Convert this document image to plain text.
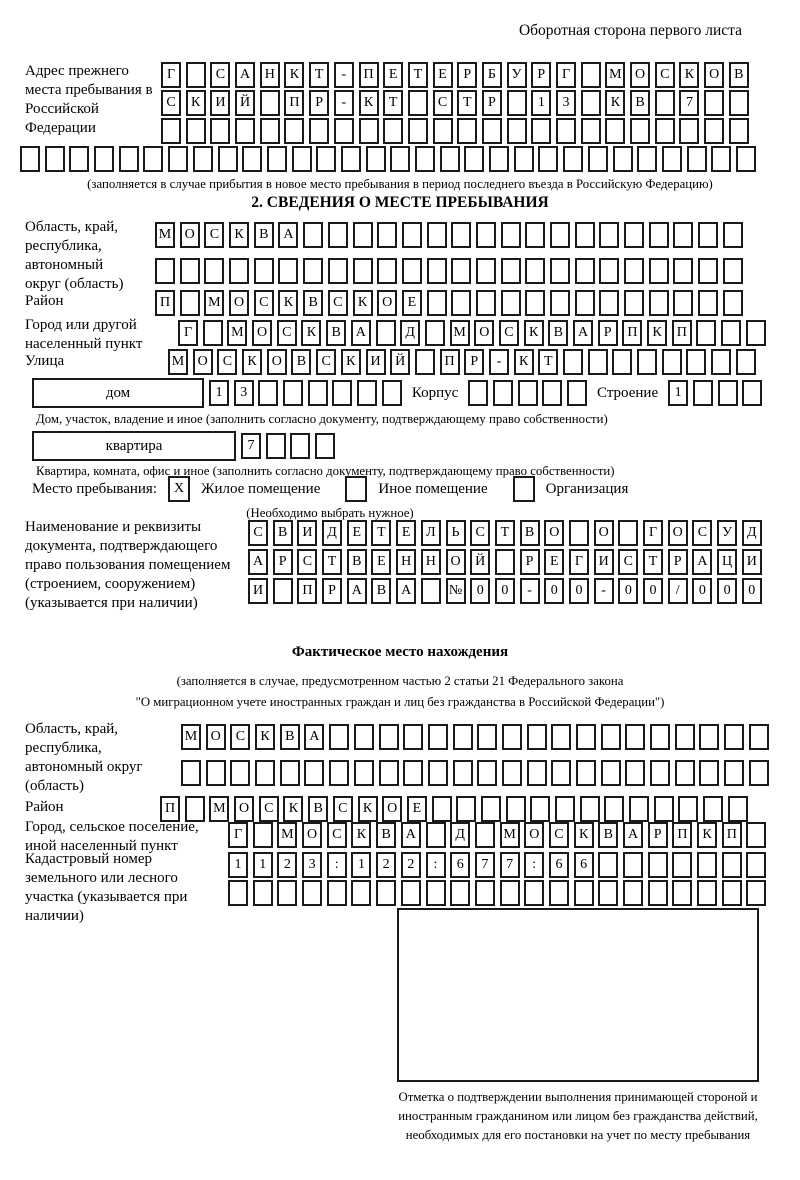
Оборотная сторона первого листа
Адрес прежнего места пребывания в Российской Федерации
Г	С	А	Н	К	Т	-	П	Е	Т	Е	Р	Б	У	Р	Г	М О	С	К	О	В
С	К	И	Й	П	Р	-	К	Т	С	Т	Р	1	3	К	В	7
(заполняется в случае прибытия в новое место пребывания в период последнего въезда в Российскую Федерацию)
2. СВЕДЕНИЯ О МЕСТЕ ПРЕБЫВАНИЯ
Область, край, республика, автономный округ (область)
М О	С	К	В	А
Район	П	М О	С	К	В	С	К	О	Е
Город или другой населенный пункт
Г	М О	С	К	В	А	Д	М О	С	К	В	А	Р	П	К	П
Улица	М О	С	К	О	В	С	К	И	Й	П	Р	-	К	Т
дом	1	3	Корпус	Строение	1
Дом, участок, владение и иное (заполнить согласно документу, подтверждающему право собственности)
квартира	7
Квартира, комната, офис и иное (заполнить согласно документу, подтверждающему право собственности)
Место пребывания:	X	Жилое помещение	Иное помещение	Организация
(Необходимо выбрать нужное)
Наименование и реквизиты документа, подтверждающего право пользования помещением (строением, сооружением) (указывается при наличии)
С	В	И	Д	Е	Т	Е	Л	Ь	С	Т	В	О	О	Г	О	С	У	Д
А	Р	С	Т	В	Е	Н	Н	О	Й	Р	Е	Г	И	С	Т	Р	А	Ц	И
И	П	Р	А	В	А	№	0	0	-	0	0	-	0	0	/	0	0	0
Фактическое место нахождения
(заполняется в случае, предусмотренном частью 2 статьи 21 Федерального закона
"О миграционном учете иностранных граждан и лиц без гражданства в Российской Федерации")
Область, край, республика, автономный округ (область)
М О	С	К	В	А
Район	П	М О	С	К	В	С	К	О	Е
Город, сельское поселение, иной населенный пункт
Г	М О	С	К	В	А	Д	М О	С	К	В	А	Р	П	К	П
Кадастровый номер земельного или лесного участка (указывается при наличии)
1	1	2	3	:	1	2	2	:	6	7	7	:	6	6
Отметка о подтверждении выполнения принимающей стороной и иностранным гражданином или лицом без гражданства действий, необходимых для его постановки на учет по месту пребывания
